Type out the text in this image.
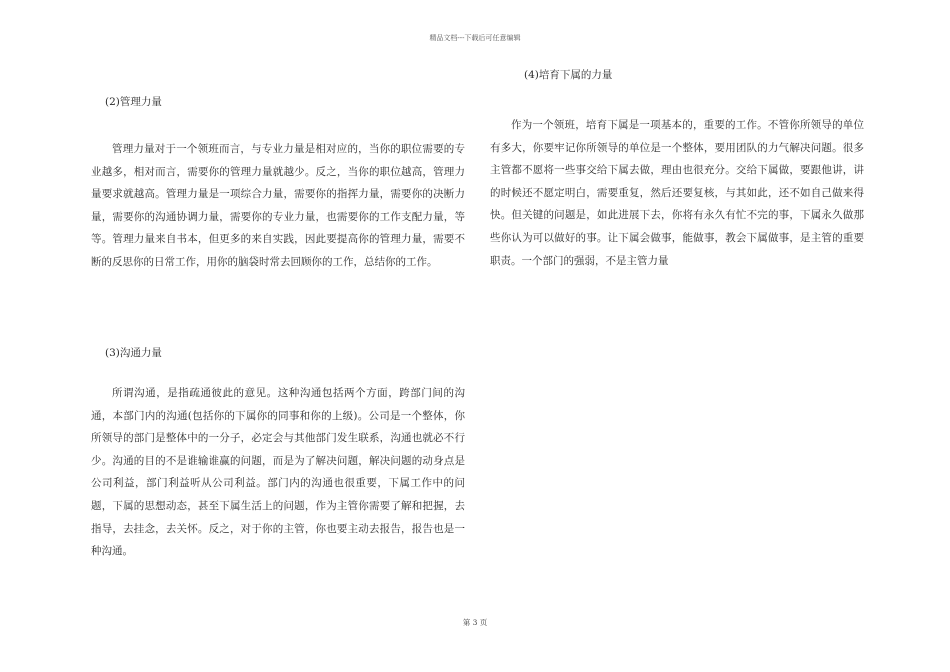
精品文档---下载后可任意编辑
(2)管理力量

管理力量对于一个领班而言，与专业力量是相对应的，当你的职位需要的专业越多，相对而言，需要你的管理力量就越少。反之，当你的职位越高，管理力量要求就越高。管理力量是一项综合力量，需要你的指挥力量，需要你的决断力量，需要你的沟通协调力量，需要你的专业力量，也需要你的工作支配力量，等等。管理力量来自书本，但更多的来自实践，因此要提高你的管理力量，需要不断的反思你的日常工作，用你的脑袋时常去回顾你的工作，总结你的工作。

(3)沟通力量

所谓沟通，是指疏通彼此的意见。这种沟通包括两个方面，跨部门间的沟通，本部门内的沟通(包括你的下属你的同事和你的上级)。公司是一个整体，你所领导的部门是整体中的一分子，必定会与其他部门发生联系，沟通也就必不行少。沟通的目的不是谁输谁赢的问题，而是为了解决问题，解决问题的动身点是公司利益，部门利益听从公司利益。部门内的沟通也很重要，下属工作中的问题，下属的思想动态，甚至下属生活上的问题，作为主管你需要了解和把握，去指导，去挂念，去关怀。反之，对于你的主管，你也要主动去报告，报告也是一种沟通。

(4)培育下属的力量

作为一个领班，培育下属是一项基本的，重要的工作。不管你所领导的单位有多大，你要牢记你所领导的单位是一个整体，要用团队的力气解决问题。很多主管都不愿将一些事交给下属去做，理由也很充分。交给下属做，要跟他讲，讲的时候还不愿定明白，需要重复，然后还要复核，与其如此，还不如自己做来得快。但关键的问题是，如此进展下去，你将有永久有忙不完的事，下属永久做那些你认为可以做好的事。让下属会做事，能做事，教会下属做事，是主管的重要职责。一个部门的强弱，不是主管力量

第 3 页
